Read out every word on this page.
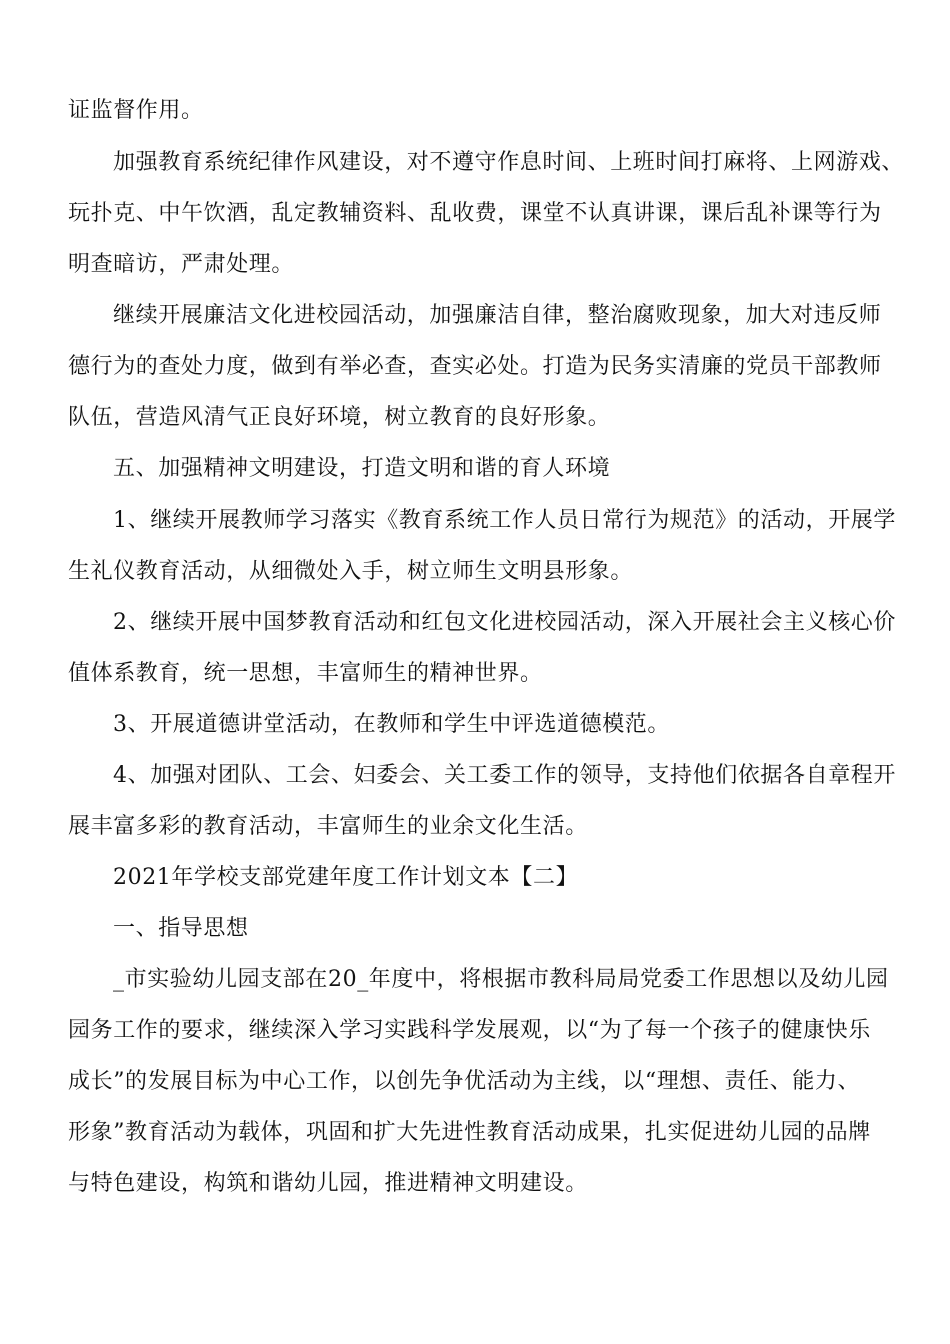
证监督作用。
加强教育系统纪律作风建设，对不遵守作息时间、上班时间打麻将、上网游戏、
玩扑克、中午饮酒，乱定教辅资料、乱收费，课堂不认真讲课，课后乱补课等行为
明查暗访，严肃处理。
继续开展廉洁文化进校园活动，加强廉洁自律，整治腐败现象，加大对违反师
德行为的查处力度，做到有举必查，查实必处。打造为民务实清廉的党员干部教师
队伍，营造风清气正良好环境，树立教育的良好形象。
五、加强精神文明建设，打造文明和谐的育人环境
1、继续开展教师学习落实《教育系统工作人员日常行为规范》的活动，开展学
生礼仪教育活动，从细微处入手，树立师生文明县形象。
2、继续开展中国梦教育活动和红包文化进校园活动，深入开展社会主义核心价
值体系教育，统一思想，丰富师生的精神世界。
3、开展道德讲堂活动，在教师和学生中评选道德模范。
4、加强对团队、工会、妇委会、关工委工作的领导，支持他们依据各自章程开
展丰富多彩的教育活动，丰富师生的业余文化生活。
2021年学校支部党建年度工作计划文本【二】
一、指导思想
_市实验幼儿园支部在20_年度中，将根据市教科局局党委工作思想以及幼儿园
园务工作的要求，继续深入学习实践科学发展观，以“为了每一个孩子的健康快乐
成长”的发展目标为中心工作，以创先争优活动为主线，以“理想、责任、能力、
形象”教育活动为载体，巩固和扩大先进性教育活动成果，扎实促进幼儿园的品牌
与特色建设，构筑和谐幼儿园，推进精神文明建设。
